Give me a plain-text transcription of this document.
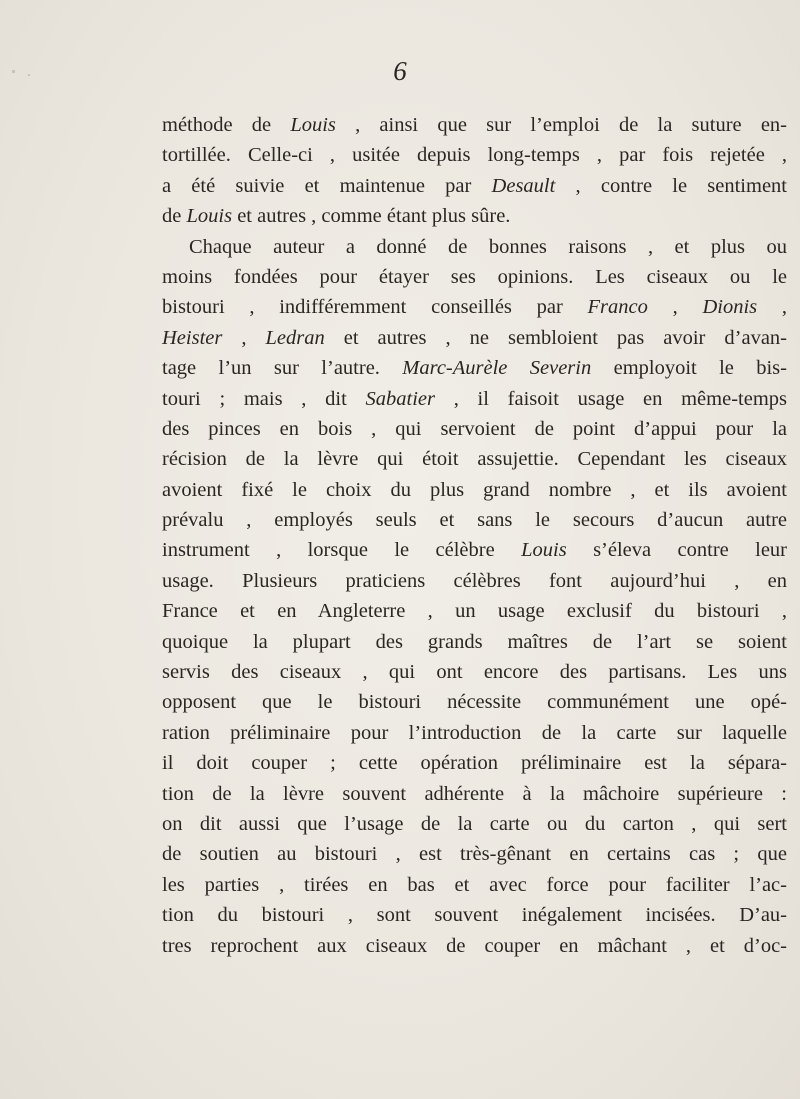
6
méthode de Louis , ainsi que sur l’emploi de la suture en-
tortillée. Celle-ci , usitée depuis long-temps , par fois rejetée ,
a été suivie et maintenue par Desault , contre le sentiment
de Louis et autres , comme étant plus sûre.
Chaque auteur a donné de bonnes raisons , et plus ou
moins fondées pour étayer ses opinions. Les ciseaux ou le
bistouri , indifféremment conseillés par Franco , Dionis ,
Heister , Ledran et autres , ne sembloient pas avoir d’avan-
tage l’un sur l’autre. Marc-Aurèle Severin employoit le bis-
touri ; mais , dit Sabatier , il faisoit usage en même-temps
des pinces en bois , qui servoient de point d’appui pour la
récision de la lèvre qui étoit assujettie. Cependant les ciseaux
avoient fixé le choix du plus grand nombre , et ils avoient
prévalu , employés seuls et sans le secours d’aucun autre
instrument , lorsque le célèbre Louis s’éleva contre leur
usage. Plusieurs praticiens célèbres font aujourd’hui , en
France et en Angleterre , un usage exclusif du bistouri ,
quoique la plupart des grands maîtres de l’art se soient
servis des ciseaux , qui ont encore des partisans. Les uns
opposent que le bistouri nécessite communément une opé-
ration préliminaire pour l’introduction de la carte sur laquelle
il doit couper ; cette opération préliminaire est la sépara-
tion de la lèvre souvent adhérente à la mâchoire supérieure :
on dit aussi que l’usage de la carte ou du carton , qui sert
de soutien au bistouri , est très-gênant en certains cas ; que
les parties , tirées en bas et avec force pour faciliter l’ac-
tion du bistouri , sont souvent inégalement incisées. D’au-
tres reprochent aux ciseaux de couper en mâchant , et d’oc-
